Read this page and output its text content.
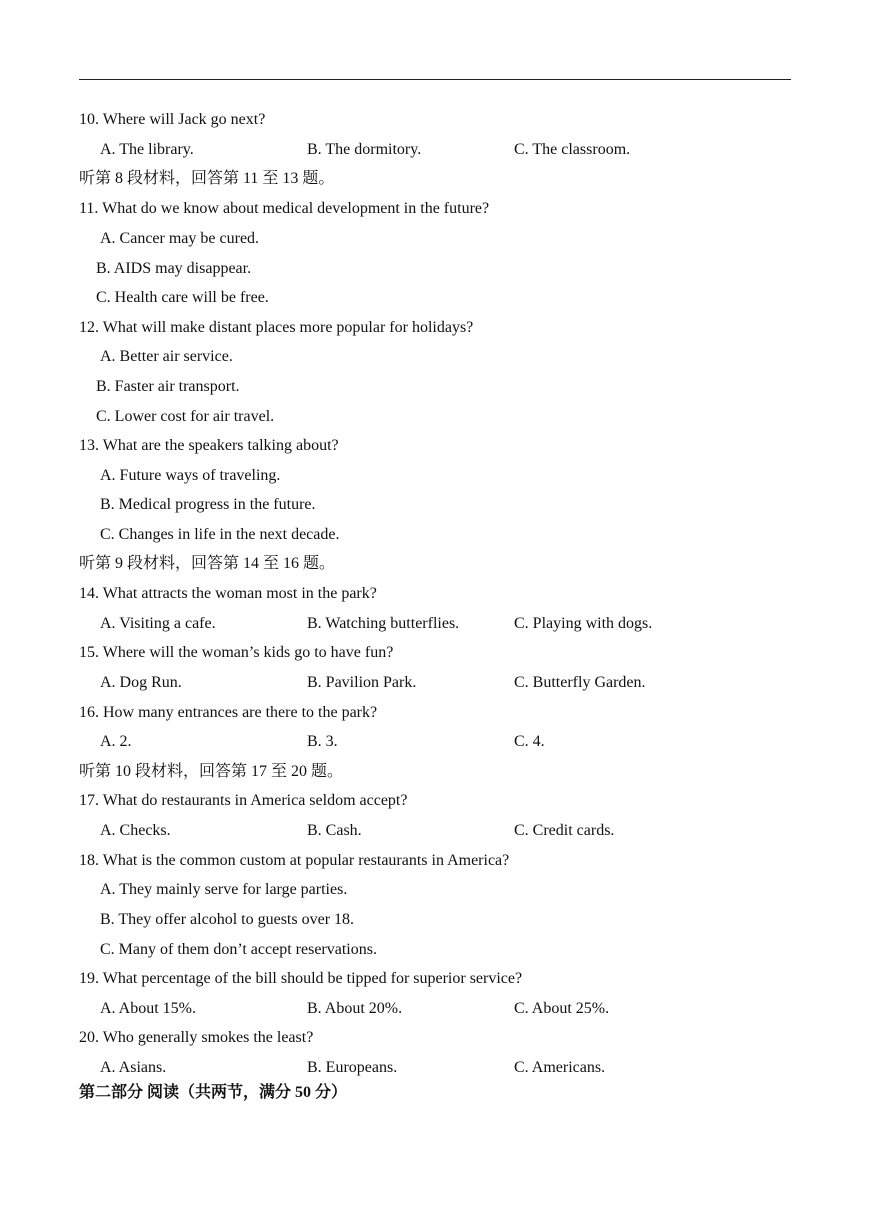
10. Where will Jack go next?
A. The library.	B. The dormitory.	C. The classroom.
听第 8 段材料，回答第 11 至 13 题。
11. What do we know about medical development in the future?
A. Cancer may be cured.
B. AIDS may disappear.
C. Health care will be free.
12. What will make distant places more popular for holidays?
A. Better air service.
B. Faster air transport.
C. Lower cost for air travel.
13. What are the speakers talking about?
A. Future ways of traveling.
B. Medical progress in the future.
C. Changes in life in the next decade.
听第 9 段材料，回答第 14 至 16 题。
14. What attracts the woman most in the park?
A. Visiting a cafe.	B. Watching butterflies.	C. Playing with dogs.
15. Where will the woman’s kids go to have fun?
A. Dog Run.	B. Pavilion Park.	C. Butterfly Garden.
16. How many entrances are there to the park?
A. 2.	B. 3.	C. 4.
听第 10 段材料，回答第 17 至 20 题。
17. What do restaurants in America seldom accept?
A. Checks.	B. Cash.	C. Credit cards.
18. What is the common custom at popular restaurants in America?
A. They mainly serve for large parties.
B. They offer alcohol to guests over 18.
C. Many of them don’t accept reservations.
19. What percentage of the bill should be tipped for superior service?
A. About 15%.	B. About 20%.	C. About 25%.
20. Who generally smokes the least?
A. Asians.	B. Europeans.	C. Americans.
第二部分 阅读（共两节，满分 50 分）
